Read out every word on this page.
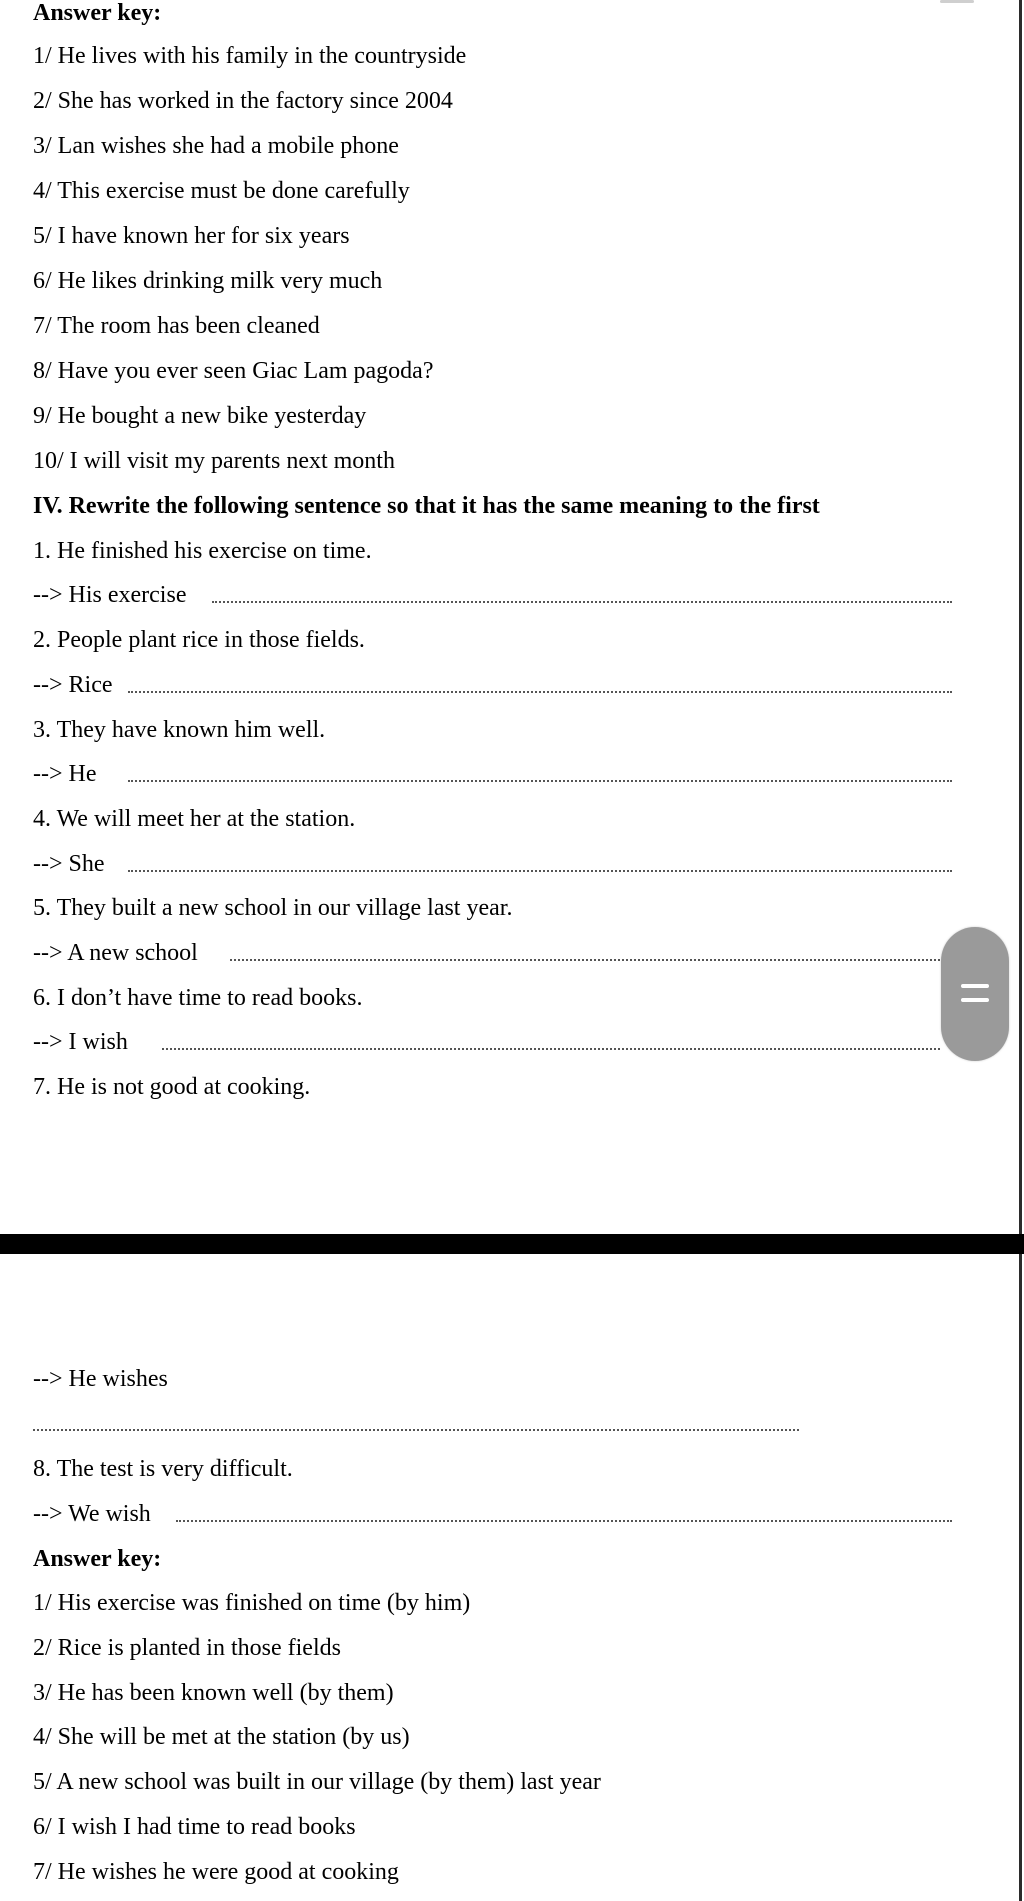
Answer key:
1/ He lives with his family in the countryside
2/ She has worked in the factory since 2004
3/ Lan wishes she had a mobile phone
4/ This exercise must be done carefully
5/ I have known her for six years
6/ He likes drinking milk very much
7/ The room has been cleaned
8/ Have you ever seen Giac Lam pagoda?
9/ He bought a new bike yesterday
10/ I will visit my parents next month
IV. Rewrite the following sentence so that it has the same meaning to the first
1. He finished his exercise on time.
--> His exercise
2. People plant rice in those fields.
--> Rice
3. They have known him well.
--> He
4. We will meet her at the station.
--> She
5. They built a new school in our village last year.
--> A new school
6. I don’t have time to read books.
--> I wish
7. He is not good at cooking.
--> He wishes
8. The test is very difficult.
--> We wish
Answer key:
1/ His exercise was finished on time (by him)
2/ Rice is planted in those fields
3/ He has been known well (by them)
4/ She will be met at the station (by us)
5/ A new school was built in our village (by them) last year
6/ I wish I had time to read books
7/ He wishes he were good at cooking
